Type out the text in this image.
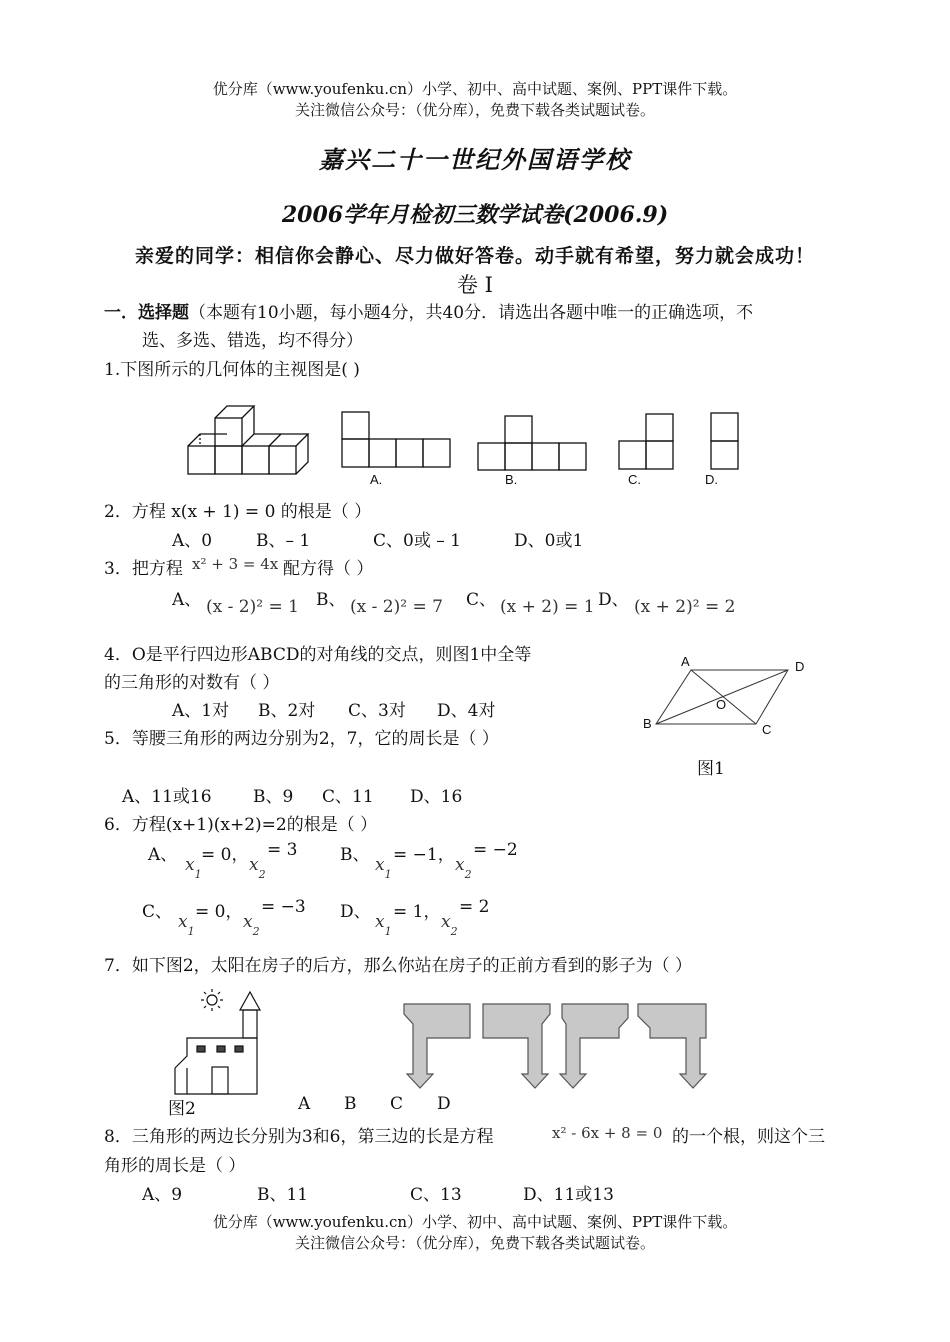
优分库（www.youfenku.cn）小学、初中、高中试题、案例、PPT课件下载。
关注微信公众号：（优分库），免费下载各类试题试卷。
嘉兴二十一世纪外国语学校
2006学年月检初三数学试卷(2006.9)
亲爱的同学：相信你会静心、尽力做好答卷。动手就有希望，努力就会成功！
卷 Ⅰ
一．选择题（本题有10小题，每小题4分，共40分．请选出各题中唯一的正确选项，不
选、多选、错选，均不得分）
1.下图所示的几何体的主视图是( )
A.	B.	C.	D.
2．方程 x(x + 1) = 0 的根是（ ）
A、0	B、– 1	C、0或 – 1	D、0或1
3．把方程 x² + 3 = 4x 配方得（ ）
A、 (x - 2)² = 1 B、 (x - 2)² = 7 C、 (x + 2) = 1 D、 (x + 2)² = 2
4．O是平行四边形ABCD的对角线的交点，则图1中全等
的三角形的对数有（ ）
A、1对 B、2对 C、3对 D、4对
A	D
O
B	C
图1
5．等腰三角形的两边分别为2，7，它的周长是（ ）
A、11或16 B、9 C、11 D、16
6．方程(x+1)(x+2)=2的根是（ ）
A、 $x_1$
= 0， $x_2$
= 3	B、 $x_1$
= −1， $x_2$
= −2
C、 $x_1$
= 0， $x_2$
= −3 D、 $x_1$
= 1， $x_2$
= 2
7．如下图2，太阳在房子的后方，那么你站在房子的正前方看到的影子为（ ）
图2	A B C D
8．三角形的两边长分别为3和6，第三边的长是方程	x² - 6x + 8 = 0 的一个根，则这个三
角形的周长是（ ）
A、9	B、11	C、13	D、11或13
优分库（www.youfenku.cn）小学、初中、高中试题、案例、PPT课件下载。
关注微信公众号：（优分库），免费下载各类试题试卷。
